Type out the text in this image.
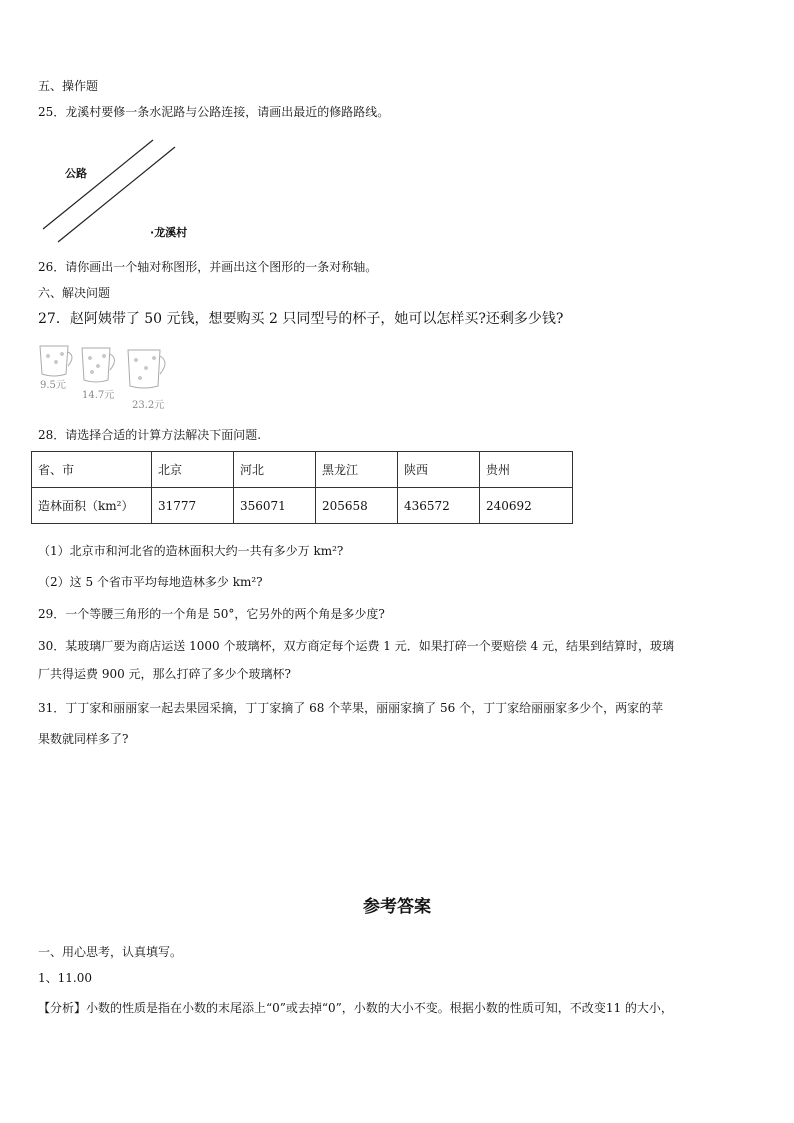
五、操作题
25．龙溪村要修一条水泥路与公路连接，请画出最近的修路路线。
公路
·龙溪村
26．请你画出一个轴对称图形，并画出这个图形的一条对称轴。
六、解决问题
27．赵阿姨带了 50 元钱，想要购买 2 只同型号的杯子，她可以怎样买?还剩多少钱?
9.5元
14.7元
23.2元
28．请选择合适的计算方法解决下面问题.
省、市	北京	河北	黑龙江	陕西	贵州
造林面积（km²）	31777	356071	205658	436572	240692
（1）北京市和河北省的造林面积大约一共有多少万 km²?
（2）这 5 个省市平均每地造林多少 km²?
29．一个等腰三角形的一个角是 50°，它另外的两个角是多少度?
30．某玻璃厂要为商店运送 1000 个玻璃杯，双方商定每个运费 1 元．如果打碎一个要赔偿 4 元，结果到结算时，玻璃
厂共得运费 900 元，那么打碎了多少个玻璃杯?
31．丁丁家和丽丽家一起去果园采摘，丁丁家摘了 68 个苹果，丽丽家摘了 56 个，丁丁家给丽丽家多少个，两家的苹
果数就同样多了?
参考答案
一、用心思考，认真填写。
1、11.00
【分析】小数的性质是指在小数的末尾添上“0”或去掉“0”，小数的大小不变。根据小数的性质可知，不改变11 的大小，
